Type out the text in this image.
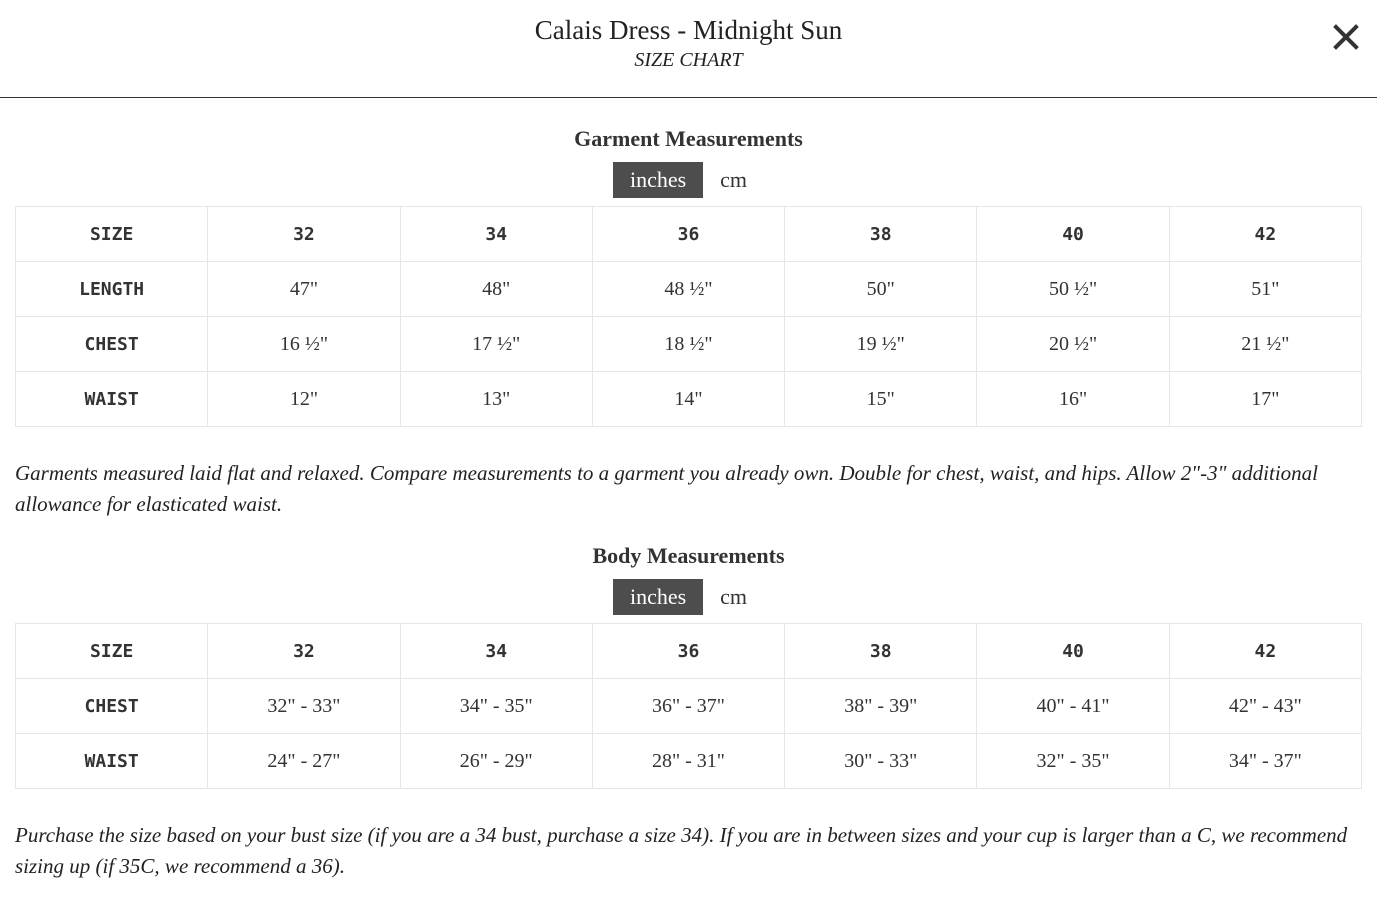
Calais Dress - Midnight Sun
SIZE CHART
Garment Measurements
inches	cm
SIZE	32	34	36	38	40	42
LENGTH	47"	48"	48 ½"	50"	50 ½"	51"
CHEST	16 ½"	17 ½"	18 ½"	19 ½"	20 ½"	21 ½"
WAIST	12"	13"	14"	15"	16"	17"

Garments measured laid flat and relaxed. Compare measurements to a garment you already own. Double for chest, waist, and hips. Allow 2"-3" additional allowance for elasticated waist.

Body Measurements
inches	cm
SIZE	32	34	36	38	40	42
CHEST	32" - 33"	34" - 35"	36" - 37"	38" - 39"	40" - 41"	42" - 43"
WAIST	24" - 27"	26" - 29"	28" - 31"	30" - 33"	32" - 35"	34" - 37"

Purchase the size based on your bust size (if you are a 34 bust, purchase a size 34). If you are in between sizes and your cup is larger than a C, we recommend sizing up (if 35C, we recommend a 36).
